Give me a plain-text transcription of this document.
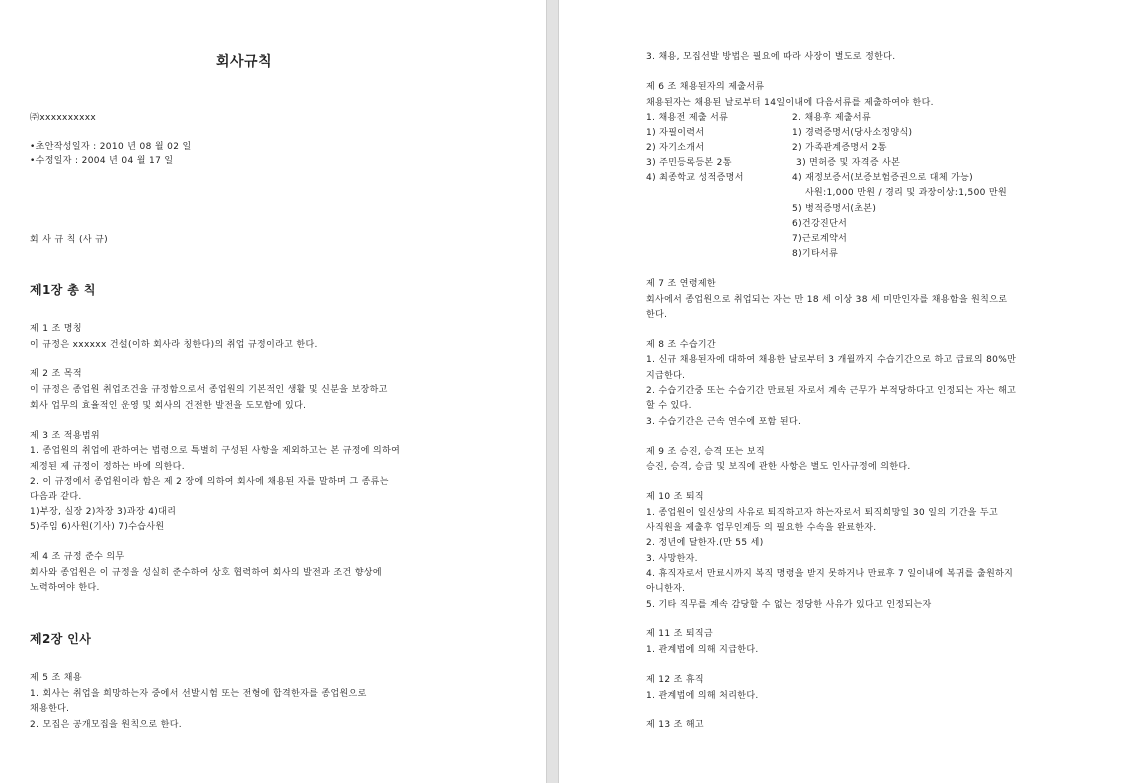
회사규칙
㈜xxxxxxxxxx
•초안작성일자 : 2010 년 08 월 02 일
•수정일자 : 2004 년 04 월 17 일
회 사 규 칙 (사 규)
제1장 총 칙
제 1 조 명칭
이 규정은 xxxxxx 건설(이하 회사라 칭한다)의 취업 규정이라고 한다.
제 2 조 목적
이 규정은 종업원 취업조건을 규정함으로서 종업원의 기본적인 생활 및 신분을 보장하고
회사 업무의 효율적인 운영 및 회사의 건전한 발전을 도모함에 있다.
제 3 조 적용범위
1. 종업원의 취업에 관하여는 법령으로 특별히 구성된 사항을 제외하고는 본 규정에 의하여
제정된 제 규정이 정하는 바에 의한다.
2. 이 규정에서 종업원이라 함은 제 2 장에 의하여 회사에 채용된 자를 말하며 그 종류는
다음과 같다.
1)부장, 실장 2)차장 3)과장 4)대리
5)주임 6)사원(기사) 7)수습사원
제 4 조 규정 준수 의무
회사와 종업원은 이 규정을 성실히 준수하여 상호 협력하여 회사의 발전과 조건 향상에
노력하여야 한다.
제2장 인사
제 5 조 채용
1. 회사는 취업을 희망하는자 중에서 선발시험 또는 전형에 합격한자를 종업원으로
채용한다.
2. 모집은 공개모집을 원칙으로 한다.
3. 채용, 모집선발 방법은 필요에 따라 사장이 별도로 정한다.
제 6 조 채용된자의 제출서류
채용된자는 채용된 날로부터 14일이내에 다음서류를 제출하여야 한다.
1. 채용전 제출 서류
1) 자필이력서
2) 자기소개서
3) 주민등록등본 2통
4) 최종학교 성적증명서
2. 채용후 제출서류
1) 경력증명서(당사소정양식)
2) 가족관계증명서 2통
3) 면허증 및 자격증 사본
4) 재정보증서(보증보험증권으로 대체 가능)
사원:1,000 만원 / 경리 및 과장이상:1,500 만원
5) 병적증명서(초본)
6)건강진단서
7)근로계약서
8)기타서류
제 7 조 연령제한
회사에서 종업원으로 취업되는 자는 만 18 세 이상 38 세 미만인자를 채용함을 원칙으로
한다.
제 8 조 수습기간
1. 신규 채용된자에 대하여 채용한 날로부터 3 개월까지 수습기간으로 하고 급료의 80%만
지급한다.
2. 수습기간중 또는 수습기간 만료된 자로서 계속 근무가 부적당하다고 인정되는 자는 해고
할 수 있다.
3. 수습기간은 근속 연수에 포함 된다.
제 9 조 승진, 승격 또는 보직
승진, 승격, 승급 및 보직에 관한 사항은 별도 인사규정에 의한다.
제 10 조 퇴직
1. 종업원이 일신상의 사유로 퇴직하고자 하는자로서 퇴직희망일 30 일의 기간을 두고
사직원을 제출후 업무인계등 의 필요한 수속을 완료한자.
2. 정년에 달한자.(만 55 세)
3. 사망한자.
4. 휴직자로서 만료시까지 복직 명령을 받지 못하거나 만료후 7 일이내에 복귀를 출원하지
아니한자.
5. 기타 직무를 계속 감당할 수 없는 정당한 사유가 있다고 인정되는자
제 11 조 퇴직금
1. 관계법에 의해 지급한다.
제 12 조 휴직
1. 관계법에 의해 처리한다.
제 13 조 해고
